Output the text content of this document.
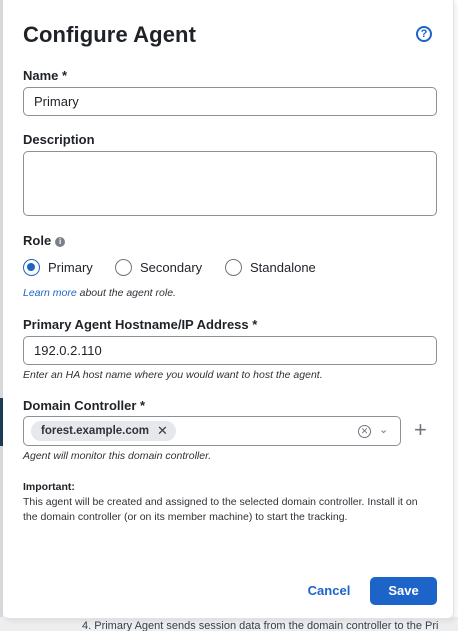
4. Primary Agent sends session data from the domain controller to the Pri
Configure Agent	?
Name *
Primary
Description
Role i
Primary	Secondary	Standalone
Learn more about the agent role.
Primary Agent Hostname/IP Address *
192.0.2.110
Enter an HA host name where you would want to host the agent.
Domain Controller *
forest.example.com ✕	✕ ⌄ +
Agent will monitor this domain controller.
Important:
This agent will be created and assigned to the selected domain controller. Install it on the domain controller (or on its member machine) to start the tracking.
Cancel	Save
